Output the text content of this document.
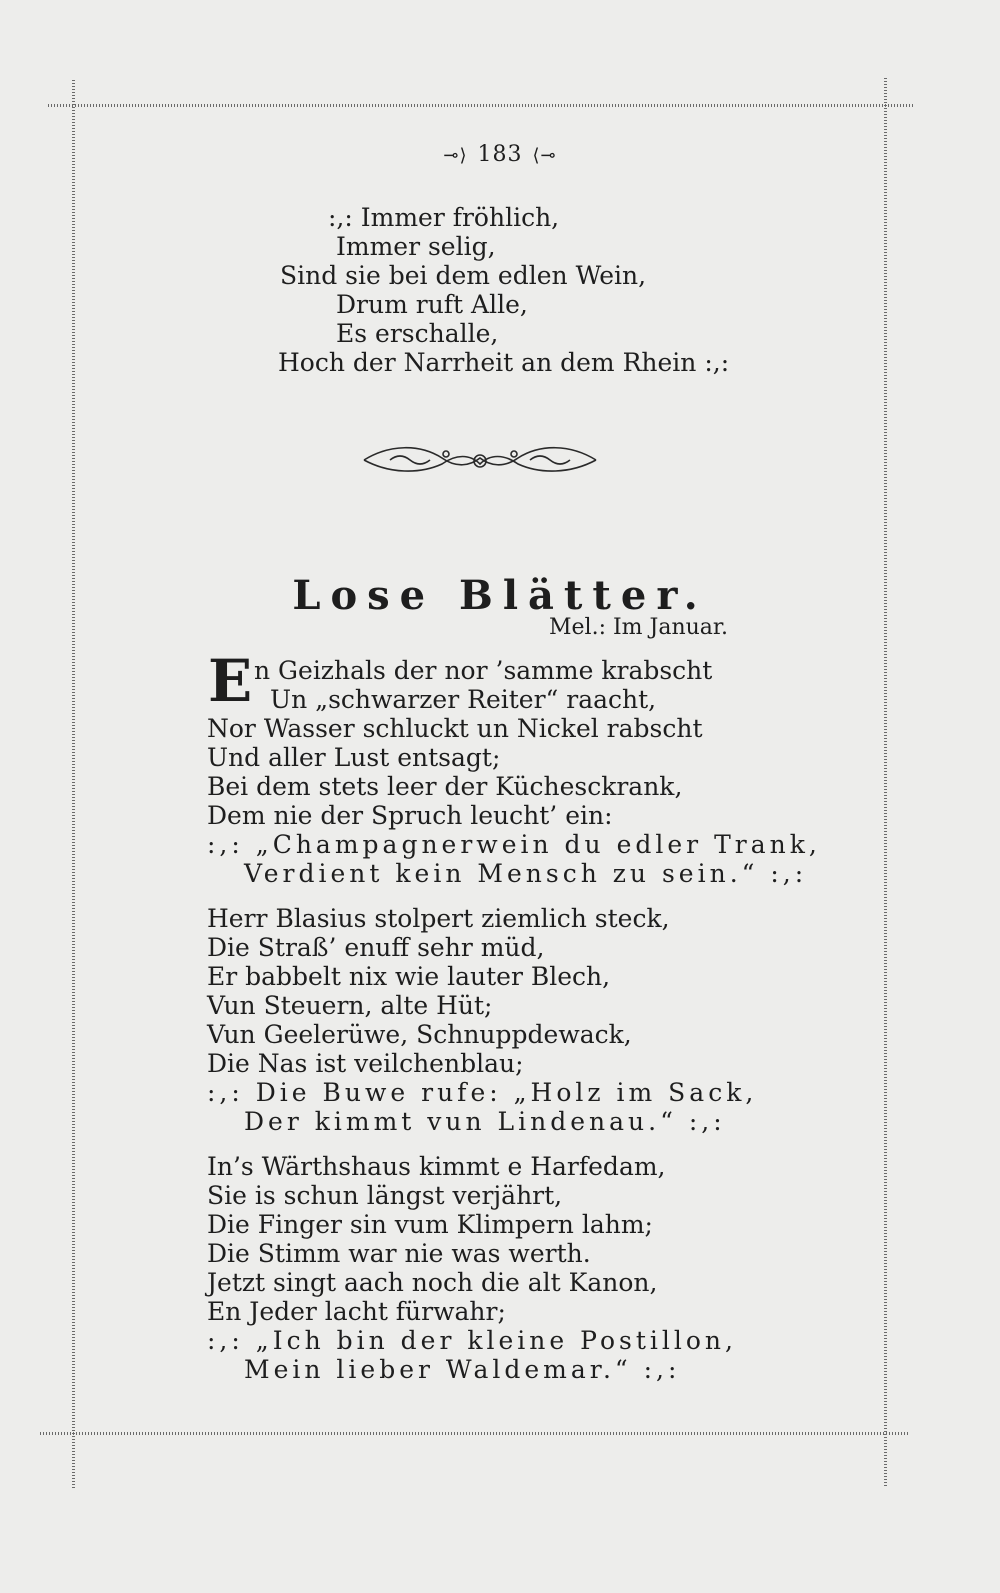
⊸⟩ 183 ⟨⊸
:,: Immer fröhlich,
Immer selig,
Sind sie bei dem edlen Wein,
Drum ruft Alle,
Es erschalle,
Hoch der Narrheit an dem Rhein :,:
Lose Blätter.
Mel.: Im Januar.
E n Geizhals der nor ’samme krabscht
Un „schwarzer Reiter“ raacht,
Nor Wasser schluckt un Nickel rabscht
Und aller Lust entsagt;
Bei dem stets leer der Küchesckrank,
Dem nie der Spruch leucht’ ein:
:,: „Champagnerwein du edler Trank,
Verdient kein Mensch zu sein.“ :,:
Herr Blasius stolpert ziemlich steck,
Die Straß’ enuff sehr müd,
Er babbelt nix wie lauter Blech,
Vun Steuern, alte Hüt;
Vun Geelerüwe, Schnuppdewack,
Die Nas ist veilchenblau;
:,: Die Buwe rufe: „Holz im Sack,
Der kimmt vun Lindenau.“ :,:
In’s Wärthshaus kimmt e Harfedam,
Sie is schun längst verjährt,
Die Finger sin vum Klimpern lahm;
Die Stimm war nie was werth.
Jetzt singt aach noch die alt Kanon,
En Jeder lacht fürwahr;
:,: „Ich bin der kleine Postillon,
Mein lieber Waldemar.“ :,:
